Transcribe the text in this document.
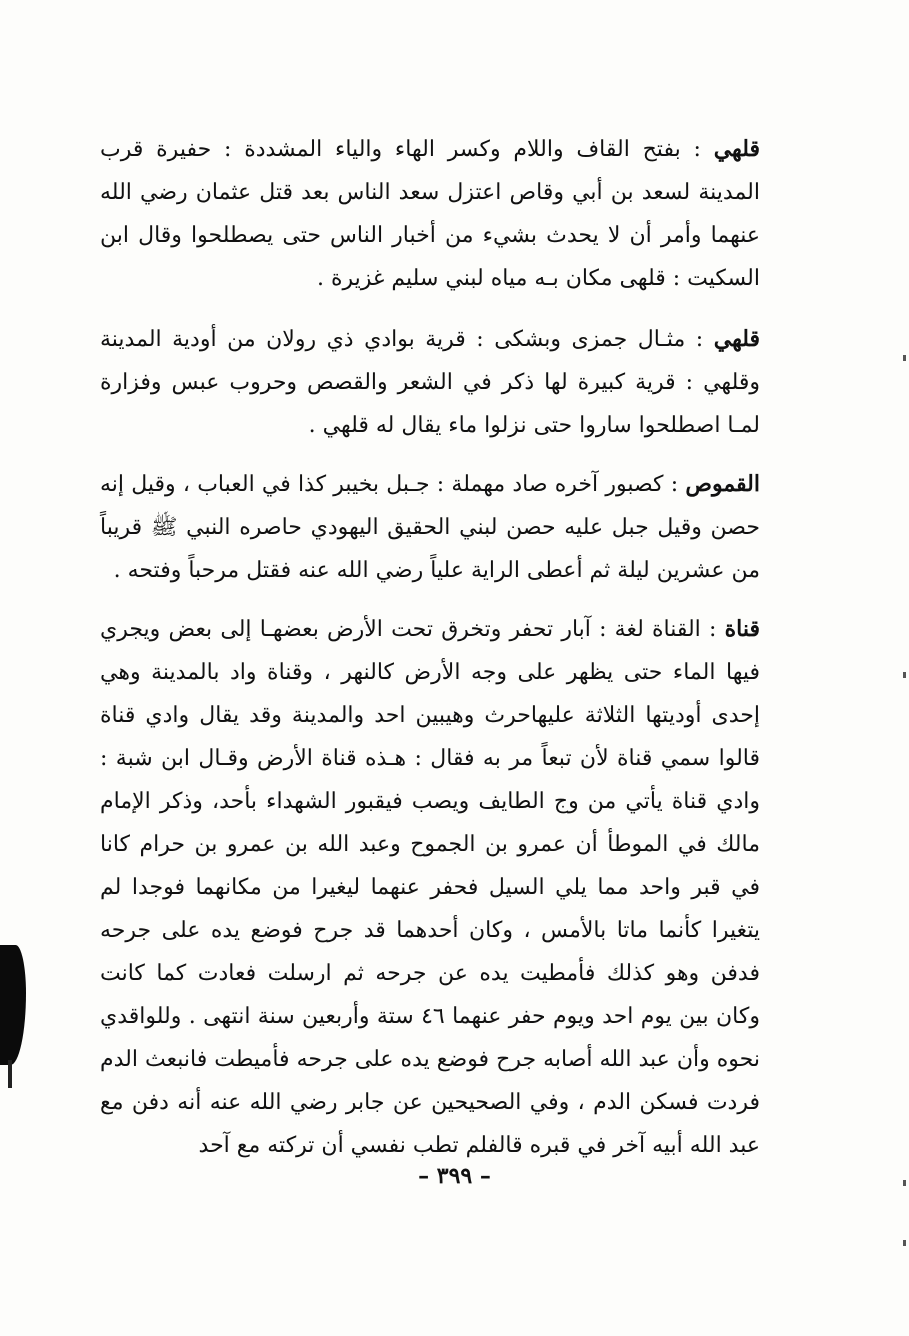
قلهي : بفتح القاف واللام وكسر الهاء والياء المشددة : حفيرة قرب المدينة لسعد بن أبي وقاص اعتزل سعد الناس بعد قتل عثمان رضي الله عنهما وأمر أن لا يحدث بشيء من أخبار الناس حتى يصطلحوا وقال ابن السكيت : قلهى مكان بـه مياه لبني سليم غزيرة .
قلهي : مثـال جمزى وبشكى : قرية بوادي ذي رولان من أودية المدينة وقلهي : قرية كبيرة لها ذكر في الشعر والقصص وحروب عبس وفزارة لمـا اصطلحوا ساروا حتى نزلوا ماء يقال له قلهي .
القموص : كصبور آخره صاد مهملة : جـبل بخيبر كذا في العباب ، وقيل إنه حصن وقيل جبل عليه حصن لبني الحقيق اليهودي حاصره النبي ﷺ قريباً من عشرين ليلة ثم أعطى الراية علياً رضي الله عنه فقتل مرحباً وفتحه .
قناة : القناة لغة : آبار تحفر وتخرق تحت الأرض بعضهـا إلى بعض ويجري فيها الماء حتى يظهر على وجه الأرض كالنهر ، وقناة واد بالمدينة وهي إحدى أوديتها الثلاثة عليهاحرث وهيبين احد والمدينة وقد يقال وادي قناة قالوا سمي قناة لأن تبعاً مر به فقال : هـذه قناة الأرض وقـال ابن شبة : وادي قناة يأتي من وج الطايف ويصب فيقبور الشهداء بأحد، وذكر الإمام مالك في الموطأ أن عمرو بن الجموح وعبد الله بن عمرو بن حرام كانا في قبر واحد مما يلي السيل فحفر عنهما ليغيرا من مكانهما فوجدا لم يتغيرا كأنما ماتا بالأمس ، وكان أحدهما قد جرح فوضع يده على جرحه فدفن وهو كذلك فأمطيت يده عن جرحه ثم ارسلت فعادت كما كانت وكان بين يوم احد ويوم حفر عنهما ٤٦ ستة وأربعين سنة انتهى . وللواقدي نحوه وأن عبد الله أصابه جرح فوضع يده على جرحه فأميطت فانبعث الدم فردت فسكن الدم ، وفي الصحيحين عن جابر رضي الله عنه أنه دفن مع عبد الله أبيه آخر في قبره قالفلم تطب نفسي أن تركته مع آحد
– ٣٩٩ –
